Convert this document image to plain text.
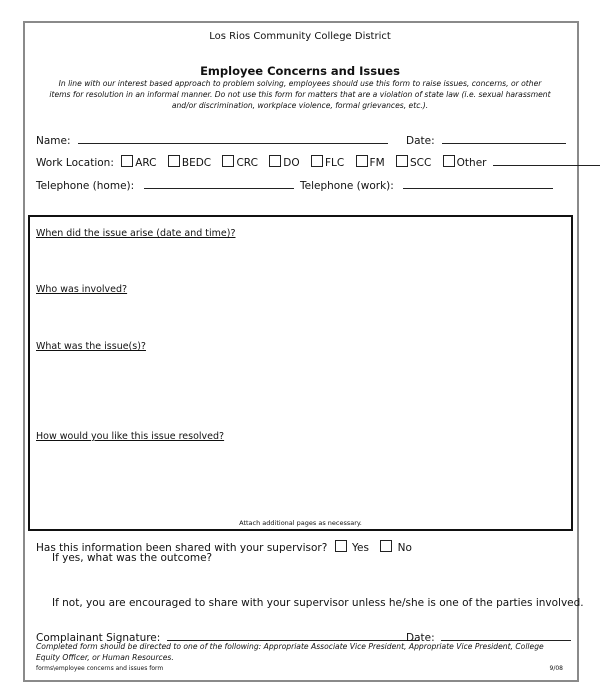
Los Rios Community College District
Employee Concerns and Issues
In line with our interest based approach to problem solving, employees should use this form to raise issues, concerns, or other items for resolution in an informal manner. Do not use this form for matters that are a violation of state law (i.e. sexual harassment and/or discrimination, workplace violence, formal grievances, etc.).
Name:	Date:
Work Location: ARC BEDC CRC DO FLC FM SCC Other
Telephone (home):	Telephone (work):
When did the issue arise (date and time)?
Who was involved?
What was the issue(s)?
How would you like this issue resolved?
Attach additional pages as necessary.
Has this information been shared with your supervisor? Yes	No
If yes, what was the outcome?
If not, you are encouraged to share with your supervisor unless he/she is one of the parties involved.
Complainant Signature:	Date:
Completed form should be directed to one of the following: Appropriate Associate Vice President, Appropriate Vice President, College Equity Officer, or Human Resources.
forms\employee concerns and issues form	9/08
